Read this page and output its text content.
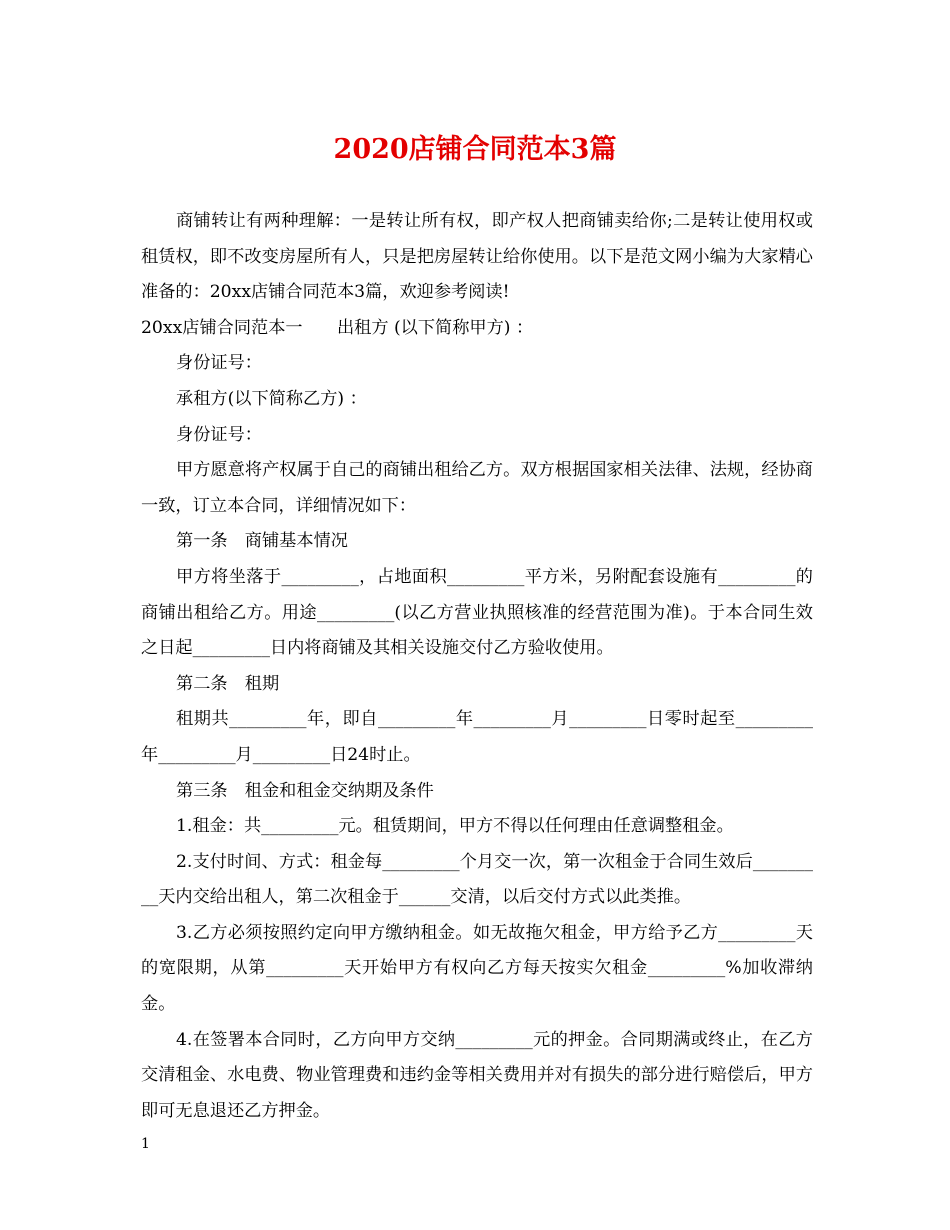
2020店铺合同范本3篇

商铺转让有两种理解：一是转让所有权，即产权人把商铺卖给你;二是转让使用权或租赁权，即不改变房屋所有人，只是把房屋转让给你使用。以下是范文网小编为大家精心准备的：20xx店铺合同范本3篇，欢迎参考阅读!

20xx店铺合同范本一　　出租方 (以下简称甲方) ：

身份证号：

承租方(以下简称乙方) ：

身份证号：

甲方愿意将产权属于自己的商铺出租给乙方。双方根据国家相关法律、法规，经协商一致，订立本合同，详细情况如下：

第一条　商铺基本情况

甲方将坐落于_________，占地面积_________平方米，另附配套设施有_________的商铺出租给乙方。用途_________(以乙方营业执照核准的经营范围为准)。于本合同生效之日起_________日内将商铺及其相关设施交付乙方验收使用。

第二条　租期

租期共_________年，即自_________年_________月_________日零时起至_________年_________月_________日24时止。

第三条　租金和租金交纳期及条件

1.租金：共_________元。租赁期间，甲方不得以任何理由任意调整租金。

2.支付时间、方式：租金每_________个月交一次，第一次租金于合同生效后_________天内交给出租人，第二次租金于______交清，以后交付方式以此类推。

3.乙方必须按照约定向甲方缴纳租金。如无故拖欠租金，甲方给予乙方_________天的宽限期，从第_________天开始甲方有权向乙方每天按实欠租金_________%加收滞纳金。

4.在签署本合同时，乙方向甲方交纳_________元的押金。合同期满或终止，在乙方交清租金、水电费、物业管理费和违约金等相关费用并对有损失的部分进行赔偿后，甲方即可无息退还乙方押金。

1
